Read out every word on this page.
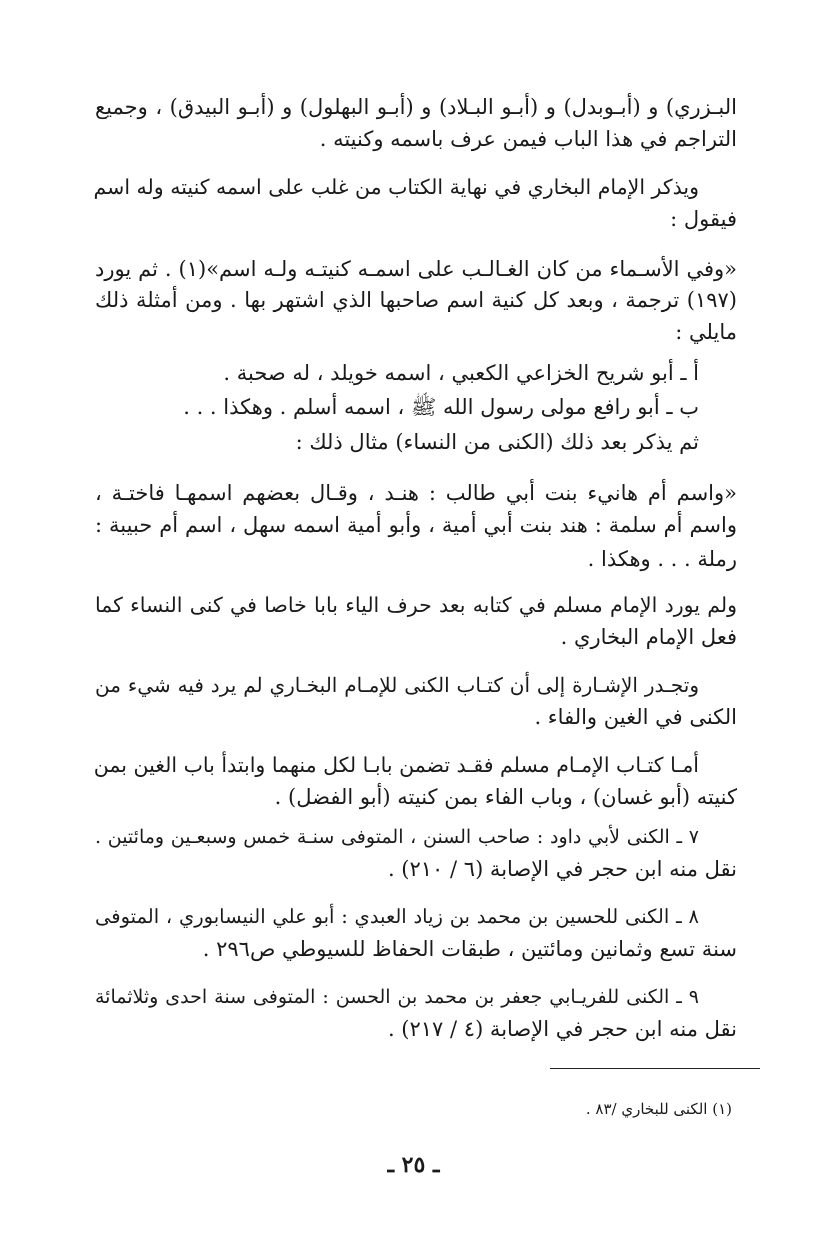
البـزري) و (أبـوبدل) و (أبـو البـلاد) و (أبـو البهلول) و (أبـو البيدق) ، وجميع
التراجم في هذا الباب فيمن عرف باسمه وكنيته .
ويذكر الإمام البخاري في نهاية الكتاب من غلب على اسمه كنيته وله اسم
فيقول :
«وفي الأسـماء من كان الغـالـب على اسمـه كنيتـه ولـه اسم»(١) . ثم يورد
(١٩٧) ترجمة ، وبعد كل كنية اسم صاحبها الذي اشتهر بها . ومن أمثلة ذلك
مايلي :
أ ـ أبو شريح الخزاعي الكعبي ، اسمه خويلد ، له صحبة .
ب ـ أبو رافع مولى رسول الله ﷺ ، اسمه أسلم . وهكذا . . .
ثم يذكر بعد ذلك (الكنى من النساء) مثال ذلك :
«واسم أم هانيء بنت أبي طالب : هنـد ، وقـال بعضهم اسمهـا فاختـة ،
واسم أم سلمة : هند بنت أبي أمية ، وأبو أمية اسمه سهل ، اسم أم حبيبة :
رملة . . . وهكذا .
ولم يورد الإمام مسلم في كتابه بعد حرف الياء بابا خاصا في كنى النساء كما
فعل الإمام البخاري .
وتجـدر الإشـارة إلى أن كتـاب الكنى للإمـام البخـاري لم يرد فيه شيء من
الكنى في الغين والفاء .
أمـا كتـاب الإمـام مسلم فقـد تضمن بابـا لكل منهما وابتدأ باب الغين بمن
كنيته (أبو غسان) ، وباب الفاء بمن كنيته (أبو الفضل) .
٧ ـ الكنى لأبي داود : صاحب السنن ، المتوفى سنـة خمس وسبعـين ومائتين .
نقل منه ابن حجر في الإصابة (٦ / ٢١٠) .
٨ ـ الكنى للحسين بن محمد بن زياد العبدي : أبو علي النيسابوري ، المتوفى
سنة تسع وثمانين ومائتين ، طبقات الحفاظ للسيوطي ص٢٩٦ .
٩ ـ الكنى للفريـابي جعفر بن محمد بن الحسن : المتوفى سنة احدى وثلاثمائة
نقل منه ابن حجر في الإصابة (٤ / ٢١٧) .
(١) الكنى للبخاري /٨٣ .
ـ ٢٥ ـ
